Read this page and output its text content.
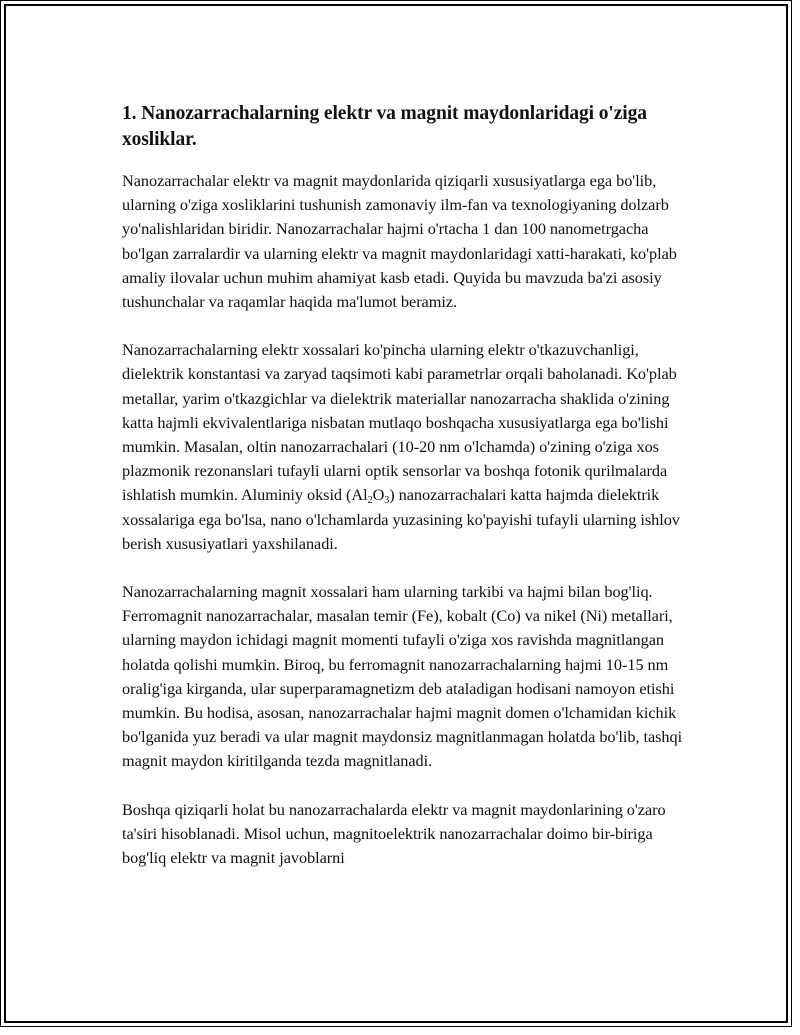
1. Nanozarrachalarning elektr va magnit maydonlaridagi o'ziga xosliklar.

Nanozarrachalar elektr va magnit maydonlarida qiziqarli xususiyatlarga ega bo'lib, ularning o'ziga xosliklarini tushunish zamonaviy ilm-fan va texnologiyaning dolzarb yo'nalishlaridan biridir. Nanozarrachalar hajmi o'rtacha 1 dan 100 nanometrgacha bo'lgan zarralardir va ularning elektr va magnit maydonlaridagi xatti-harakati, ko'plab amaliy ilovalar uchun muhim ahamiyat kasb etadi. Quyida bu mavzuda ba'zi asosiy tushunchalar va raqamlar haqida ma'lumot beramiz.

Nanozarrachalarning elektr xossalari ko'pincha ularning elektr o'tkazuvchanligi, dielektrik konstantasi va zaryad taqsimoti kabi parametrlar orqali baholanadi. Ko'plab metallar, yarim o'tkazgichlar va dielektrik materiallar nanozarracha shaklida o'zining katta hajmli ekvivalentlariga nisbatan mutlaqo boshqacha xususiyatlarga ega bo'lishi mumkin. Masalan, oltin nanozarrachalari (10-20 nm o'lchamda) o'zining o'ziga xos plazmonik rezonanslari tufayli ularni optik sensorlar va boshqa fotonik qurilmalarda ishlatish mumkin. Aluminiy oksid $(Al_2O_3)$ nanozarrachalari katta hajmda dielektrik xossalariga ega bo'lsa, nano o'lchamlarda yuzasining ko'payishi tufayli ularning ishlov berish xususiyatlari yaxshilanadi.

Nanozarrachalarning magnit xossalari ham ularning tarkibi va hajmi bilan bog'liq. Ferromagnit nanozarrachalar, masalan temir (Fe), kobalt (Co) va nikel (Ni) metallari, ularning maydon ichidagi magnit momenti tufayli o'ziga xos ravishda magnitlangan holatda qolishi mumkin. Biroq, bu ferromagnit nanozarrachalarning hajmi 10-15 nm oralig'iga kirganda, ular superparamagnetizm deb ataladigan hodisani namoyon etishi mumkin. Bu hodisa, asosan, nanozarrachalar hajmi magnit domen o'lchamidan kichik bo'lganida yuz beradi va ular magnit maydonsiz magnitlanmagan holatda bo'lib, tashqi magnit maydon kiritilganda tezda magnitlanadi.

Boshqa qiziqarli holat bu nanozarrachalarda elektr va magnit maydonlarining o'zaro ta'siri hisoblanadi. Misol uchun, magnitoelektrik nanozarrachalar doimo bir-biriga bog'liq elektr va magnit javoblarni
